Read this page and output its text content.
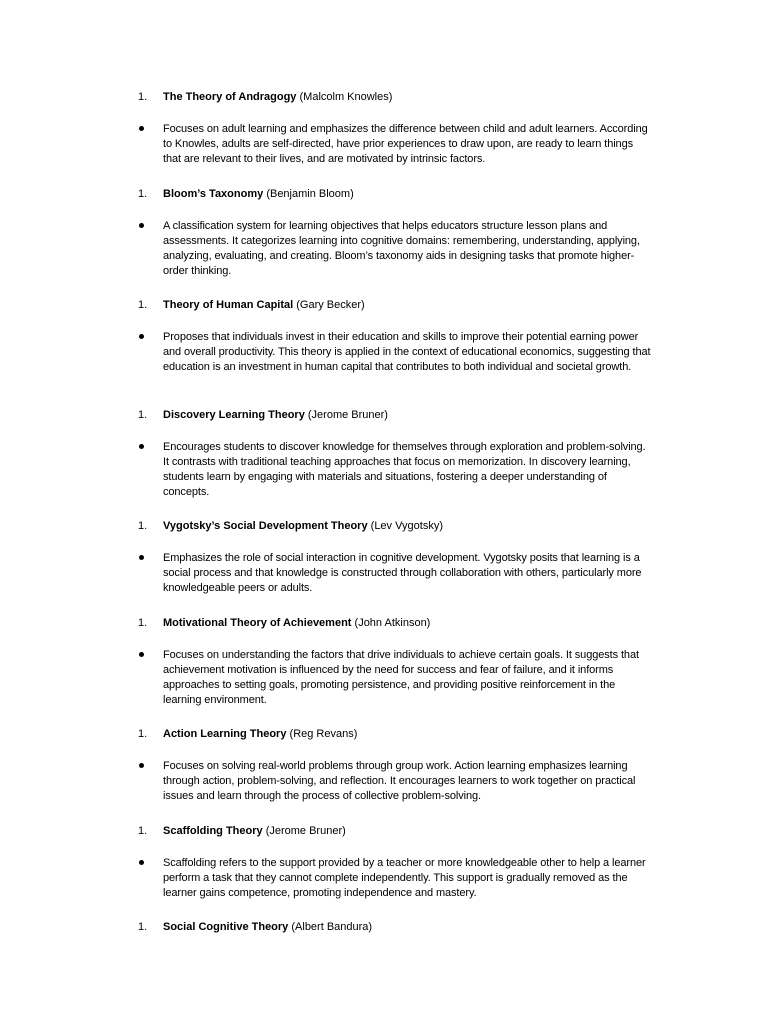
1. The Theory of Andragogy (Malcolm Knowles)
Focuses on adult learning and emphasizes the difference between child and adult learners. According to Knowles, adults are self-directed, have prior experiences to draw upon, are ready to learn things that are relevant to their lives, and are motivated by intrinsic factors.
1. Bloom’s Taxonomy (Benjamin Bloom)
A classification system for learning objectives that helps educators structure lesson plans and assessments. It categorizes learning into cognitive domains: remembering, understanding, applying, analyzing, evaluating, and creating. Bloom’s taxonomy aids in designing tasks that promote higher-order thinking.
1. Theory of Human Capital (Gary Becker)
Proposes that individuals invest in their education and skills to improve their potential earning power and overall productivity. This theory is applied in the context of educational economics, suggesting that education is an investment in human capital that contributes to both individual and societal growth.
1. Discovery Learning Theory (Jerome Bruner)
Encourages students to discover knowledge for themselves through exploration and problem-solving. It contrasts with traditional teaching approaches that focus on memorization. In discovery learning, students learn by engaging with materials and situations, fostering a deeper understanding of concepts.
1. Vygotsky’s Social Development Theory (Lev Vygotsky)
Emphasizes the role of social interaction in cognitive development. Vygotsky posits that learning is a social process and that knowledge is constructed through collaboration with others, particularly more knowledgeable peers or adults.
1. Motivational Theory of Achievement (John Atkinson)
Focuses on understanding the factors that drive individuals to achieve certain goals. It suggests that achievement motivation is influenced by the need for success and fear of failure, and it informs approaches to setting goals, promoting persistence, and providing positive reinforcement in the learning environment.
1. Action Learning Theory (Reg Revans)
Focuses on solving real-world problems through group work. Action learning emphasizes learning through action, problem-solving, and reflection. It encourages learners to work together on practical issues and learn through the process of collective problem-solving.
1. Scaffolding Theory (Jerome Bruner)
Scaffolding refers to the support provided by a teacher or more knowledgeable other to help a learner perform a task that they cannot complete independently. This support is gradually removed as the learner gains competence, promoting independence and mastery.
1. Social Cognitive Theory (Albert Bandura)
